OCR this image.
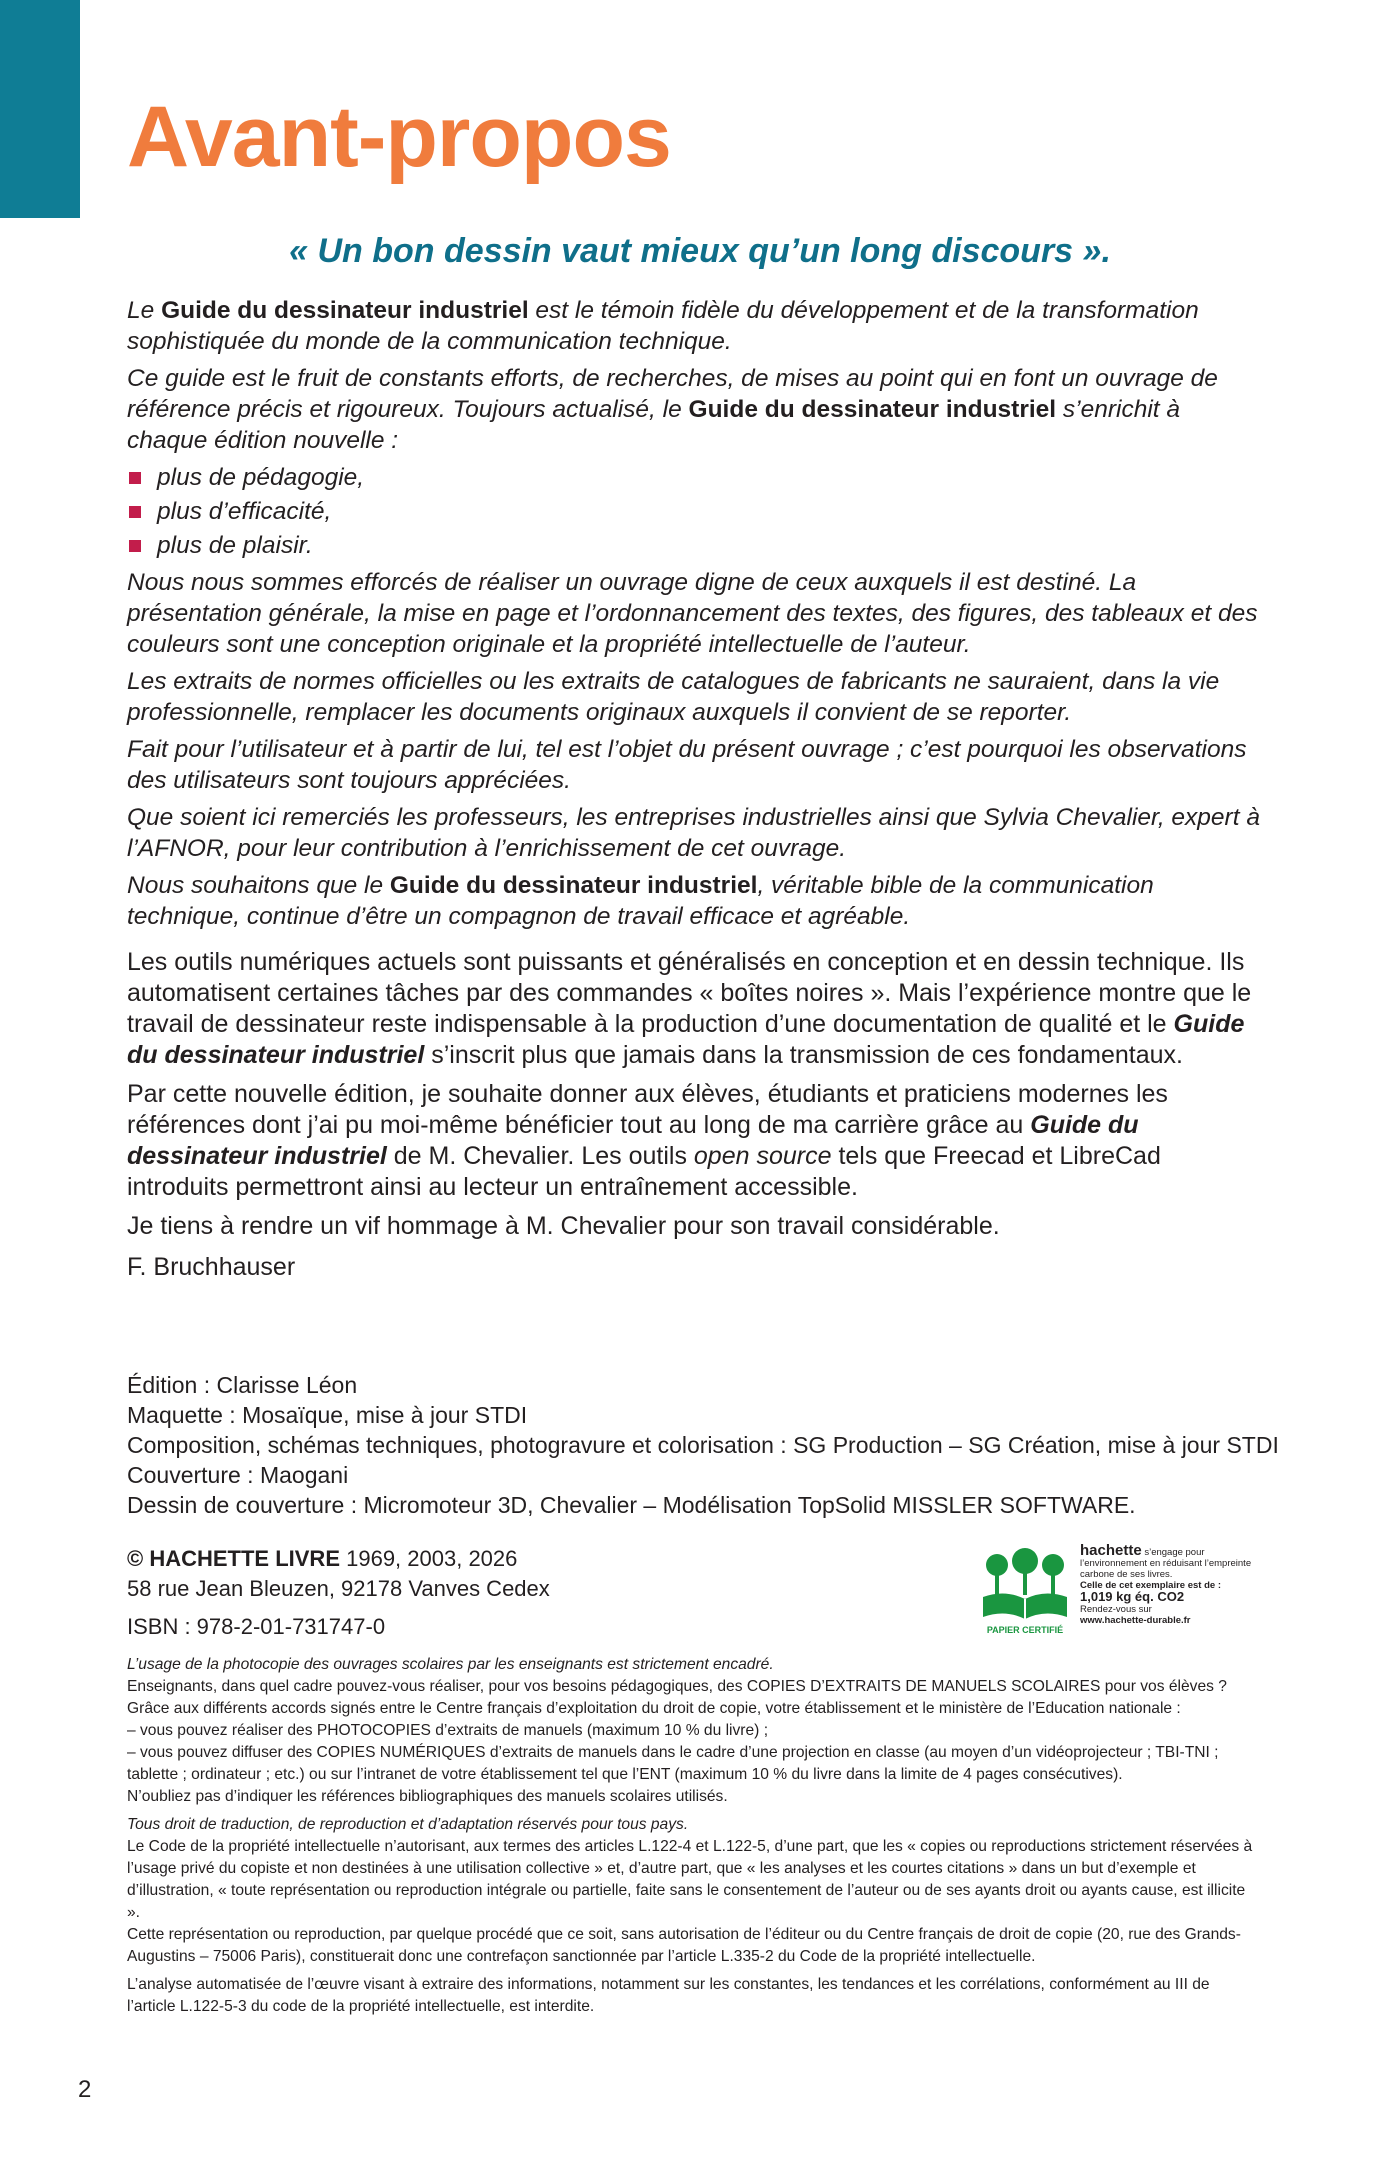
Avant-propos

« Un bon dessin vaut mieux qu’un long discours ».

Le Guide du dessinateur industriel est le témoin fidèle du développement et de la transformation sophistiquée du monde de la communication technique.

Ce guide est le fruit de constants efforts, de recherches, de mises au point qui en font un ouvrage de référence précis et rigoureux. Toujours actualisé, le Guide du dessinateur industriel s’enrichit à chaque édition nouvelle :

plus de pédagogie,
plus d’efficacité,
plus de plaisir.

Nous nous sommes efforcés de réaliser un ouvrage digne de ceux auxquels il est destiné. La présentation générale, la mise en page et l’ordonnancement des textes, des figures, des tableaux et des couleurs sont une conception originale et la propriété intellectuelle de l’auteur.

Les extraits de normes officielles ou les extraits de catalogues de fabricants ne sauraient, dans la vie professionnelle, remplacer les documents originaux auxquels il convient de se reporter.

Fait pour l’utilisateur et à partir de lui, tel est l’objet du présent ouvrage ; c’est pourquoi les observations des utilisateurs sont toujours appréciées.

Que soient ici remerciés les professeurs, les entreprises industrielles ainsi que Sylvia Chevalier, expert à l’AFNOR, pour leur contribution à l’enrichissement de cet ouvrage.

Nous souhaitons que le Guide du dessinateur industriel, véritable bible de la communication technique, continue d’être un compagnon de travail efficace et agréable.

Les outils numériques actuels sont puissants et généralisés en conception et en dessin technique. Ils automatisent certaines tâches par des commandes « boîtes noires ». Mais l’expérience montre que le travail de dessinateur reste indispensable à la production d’une documentation de qualité et le Guide du dessinateur industriel s’inscrit plus que jamais dans la transmission de ces fondamentaux.

Par cette nouvelle édition, je souhaite donner aux élèves, étudiants et praticiens modernes les références dont j’ai pu moi-même bénéficier tout au long de ma carrière grâce au Guide du dessinateur industriel de M. Chevalier. Les outils open source tels que Freecad et LibreCad introduits permettront ainsi au lecteur un entraînement accessible.

Je tiens à rendre un vif hommage à M. Chevalier pour son travail considérable.

F. Bruchhauser

Édition : Clarisse Léon
Maquette : Mosaïque, mise à jour STDI
Composition, schémas techniques, photogravure et colorisation : SG Production – SG Création, mise à jour STDI
Couverture : Maogani
Dessin de couverture : Micromoteur 3D, Chevalier – Modélisation TopSolid MISSLER SOFTWARE.
© HACHETTE LIVRE 1969, 2003, 2026
58 rue Jean Bleuzen, 92178 Vanves Cedex
ISBN : 978-2-01-731747-0	PAPIER CERTIFIÉ
hachette s’engage pour l’environnement en réduisant l’empreinte carbone de ses livres.
Celle de cet exemplaire est de :
1,019 kg éq. CO2
Rendez-vous sur
www.hachette-durable.fr

L’usage de la photocopie des ouvrages scolaires par les enseignants est strictement encadré.

Enseignants, dans quel cadre pouvez-vous réaliser, pour vos besoins pédagogiques, des COPIES D’EXTRAITS DE MANUELS SCOLAIRES pour vos élèves ?

Grâce aux différents accords signés entre le Centre français d’exploitation du droit de copie, votre établissement et le ministère de l’Education nationale :

– vous pouvez réaliser des PHOTOCOPIES d’extraits de manuels (maximum 10 % du livre) ;

– vous pouvez diffuser des COPIES NUMÉRIQUES d’extraits de manuels dans le cadre d’une projection en classe (au moyen d’un vidéoprojecteur ; TBI-TNI ; tablette ; ordinateur ; etc.) ou sur l’intranet de votre établissement tel que l’ENT (maximum 10 % du livre dans la limite de 4 pages consécutives).

N’oubliez pas d’indiquer les références bibliographiques des manuels scolaires utilisés.

Tous droit de traduction, de reproduction et d’adaptation réservés pour tous pays.

Le Code de la propriété intellectuelle n’autorisant, aux termes des articles L.122-4 et L.122-5, d’une part, que les « copies ou reproductions strictement réservées à l’usage privé du copiste et non destinées à une utilisation collective » et, d’autre part, que « les analyses et les courtes citations » dans un but d’exemple et d’illustration, « toute représentation ou reproduction intégrale ou partielle, faite sans le consentement de l’auteur ou de ses ayants droit ou ayants cause, est illicite ».

Cette représentation ou reproduction, par quelque procédé que ce soit, sans autorisation de l’éditeur ou du Centre français de droit de copie (20, rue des Grands-Augustins – 75006 Paris), constituerait donc une contrefaçon sanctionnée par l’article L.335-2 du Code de la propriété intellectuelle.

L’analyse automatisée de l’œuvre visant à extraire des informations, notamment sur les constantes, les tendances et les corrélations, conformément au III de l’article L.122-5-3 du code de la propriété intellectuelle, est interdite.

2
